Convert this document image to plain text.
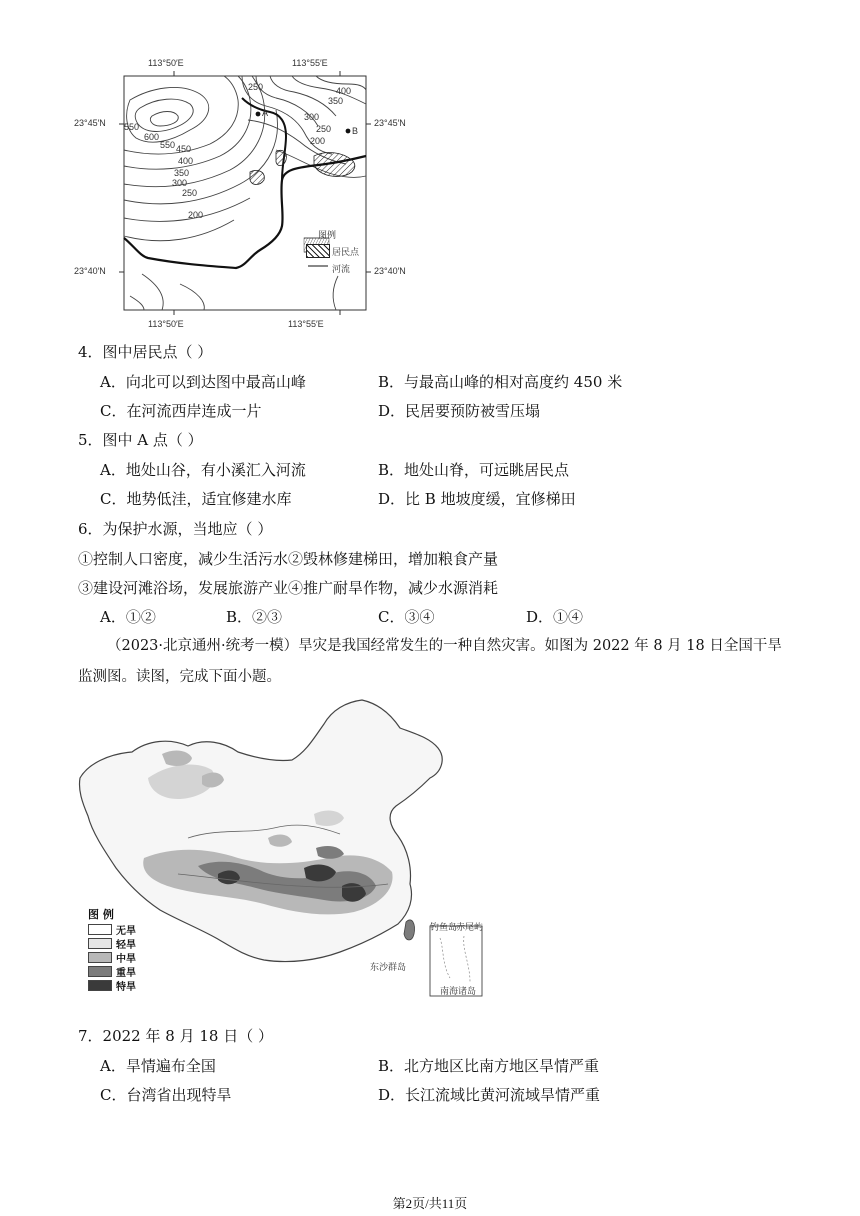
113°50′E	113°55′E
113°50′E	113°55′E
23°45′N	23°45′N
23°40′N	23°40′N
250	400
350
550
600
A	300
250 B
450
200
400
550
350
300
250
200
图例
居民点
河流
4．图中居民点（ ）
A．向北可以到达图中最高山峰	B．与最高山峰的相对高度约 450 米
C．在河流西岸连成一片	D．民居要预防被雪压塌
5．图中 A 点（ ）
A．地处山谷，有小溪汇入河流	B．地处山脊，可远眺居民点
C．地势低洼，适宜修建水库	D．比 B 地坡度缓，宜修梯田
6．为保护水源，当地应（ ）
①控制人口密度，减少生活污水②毁林修建梯田，增加粮食产量
③建设河滩浴场，发展旅游产业④推广耐旱作物，减少水源消耗
A．①②	B．②③	C．③④	D．①④
（2023·北京通州·统考一模）旱灾是我国经常发生的一种自然灾害。如图为 2022 年 8 月 18 日全国干旱监测图。读图，完成下面小题。
钓鱼岛
赤尾屿
东沙群岛
南海诸岛
图 例
无旱
轻旱
中旱
重旱
特旱
7．2022 年 8 月 18 日（ ）
A．旱情遍布全国	B．北方地区比南方地区旱情严重
C．台湾省出现特旱	D．长江流域比黄河流域旱情严重
第2页/共11页
